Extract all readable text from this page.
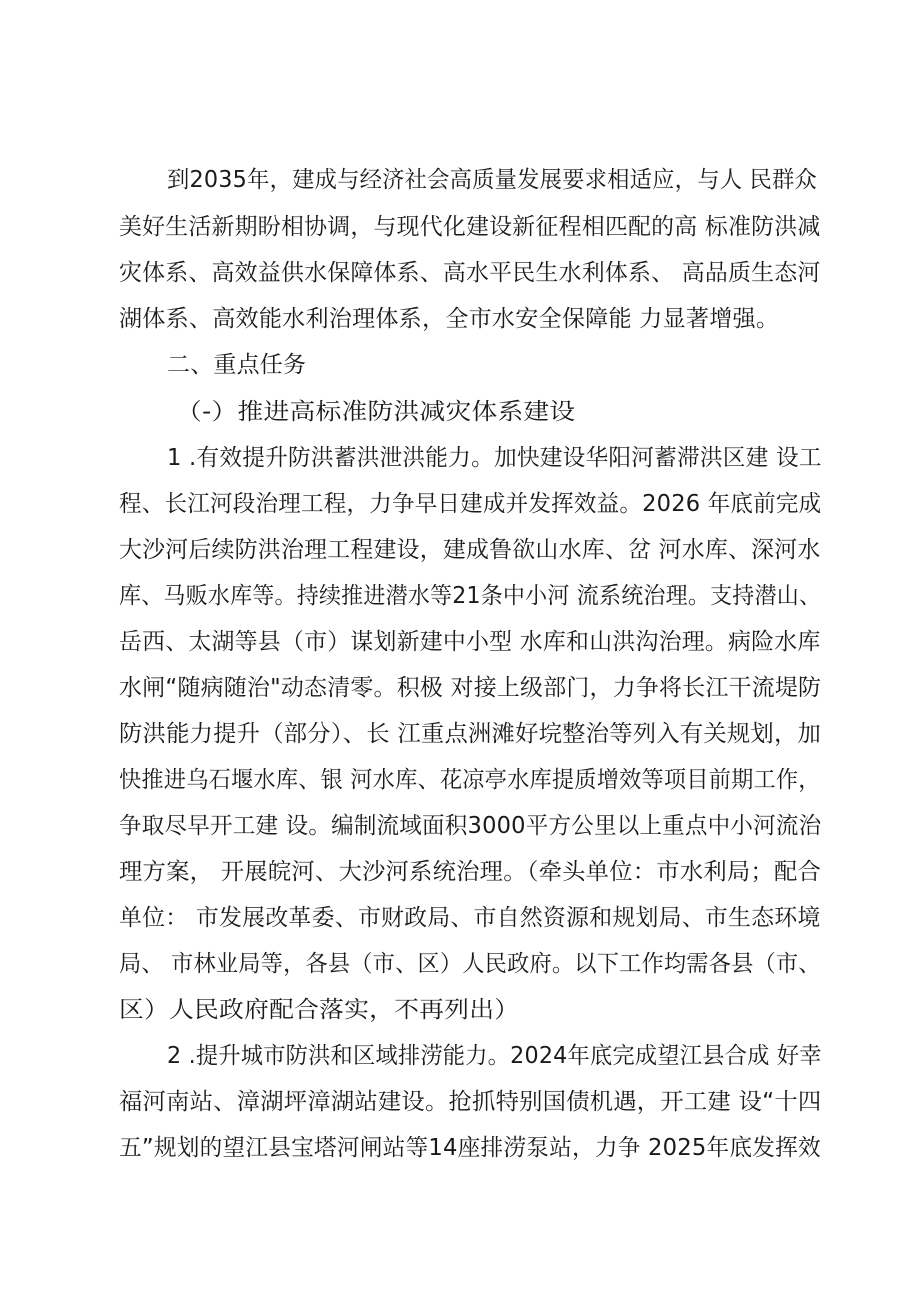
到2035年，建成与经济社会高质量发展要求相适应，与人 民群众
美好生活新期盼相协调，与现代化建设新征程相匹配的高 标准防洪减
灾体系、高效益供水保障体系、高水平民生水利体系、 高品质生态河
湖体系、高效能水利治理体系，全市水安全保障能 力显著增强。
二、重点任务
（-）推进高标准防洪减灾体系建设
1 .有效提升防洪蓄洪泄洪能力。加快建设华阳河蓄滞洪区建 设工
程、长江河段治理工程，力争早日建成并发挥效益。2026 年底前完成
大沙河后续防洪治理工程建设，建成鲁欲山水库、岔 河水库、深河水
库、马贩水库等。持续推进潜水等21条中小河 流系统治理。支持潜山、
岳西、太湖等县（市）谋划新建中小型 水库和山洪沟治理。病险水库
水闸“随病随治"动态清零。积极 对接上级部门，力争将长江干流堤防
防洪能力提升（部分）、长 江重点洲滩好垸整治等列入有关规划，加
快推进乌石堰水库、银 河水库、花凉亭水库提质增效等项目前期工作，
争取尽早开工建 设。编制流域面积3000平方公里以上重点中小河流治
理方案， 开展皖河、大沙河系统治理。（牵头单位：市水利局；配合
单位： 市发展改革委、市财政局、市自然资源和规划局、市生态环境
局、 市林业局等，各县（市、区）人民政府。以下工作均需各县（市、
区）人民政府配合落实，不再列出）
2 .提升城市防洪和区域排涝能力。2024年底完成望江县合成 好幸
福河南站、漳湖坪漳湖站建设。抢抓特别国债机遇，开工建 设“十四
五”规划的望江县宝塔河闸站等14座排涝泵站，力争 2025年底发挥效
